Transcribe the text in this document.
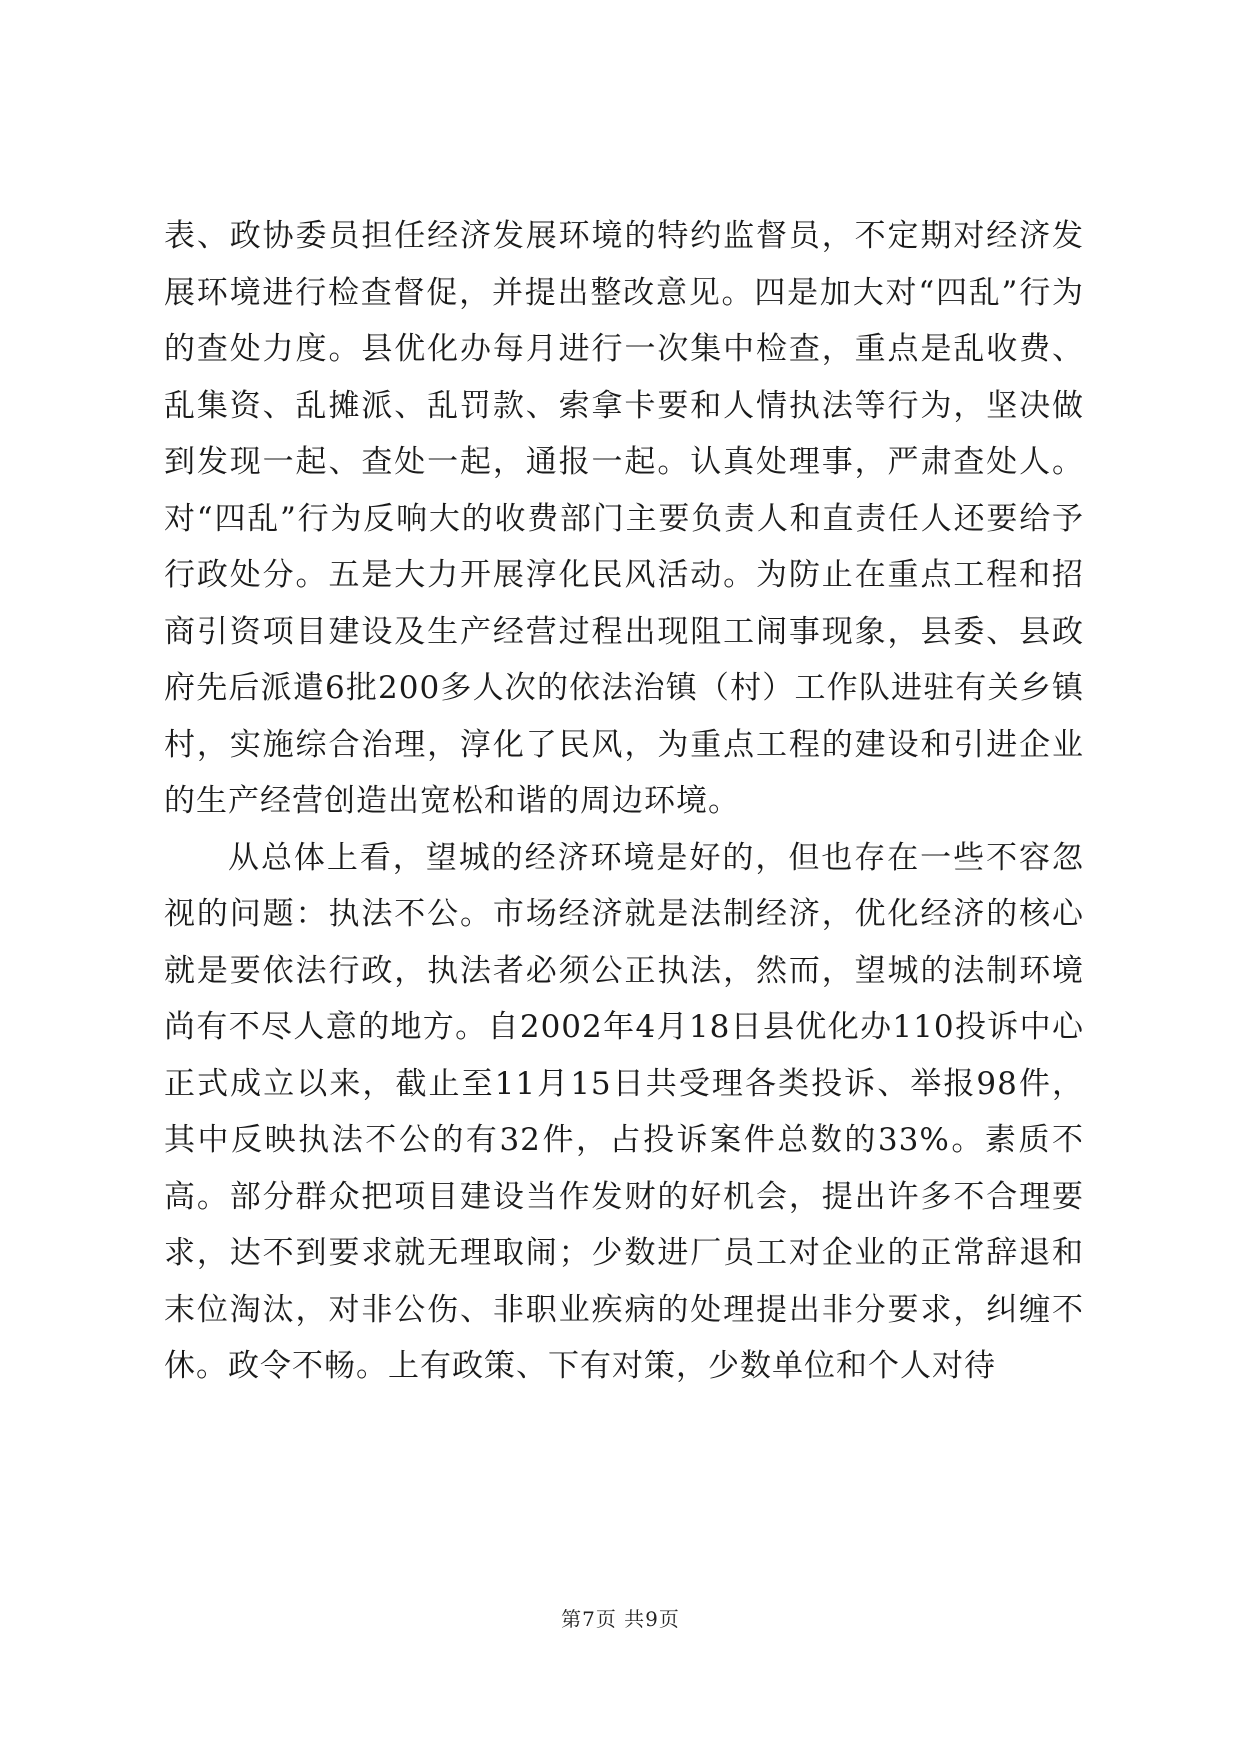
表、政协委员担任经济发展环境的特约监督员，不定期对经济发展环境进行检查督促，并提出整改意见。四是加大对“四乱”行为的查处力度。县优化办每月进行一次集中检查，重点是乱收费、乱集资、乱摊派、乱罚款、索拿卡要和人情执法等行为，坚决做到发现一起、查处一起，通报一起。认真处理事，严肃查处人。对“四乱”行为反响大的收费部门主要负责人和直责任人还要给予行政处分。五是大力开展淳化民风活动。为防止在重点工程和招商引资项目建设及生产经营过程出现阻工闹事现象，县委、县政府先后派遣6批200多人次的依法治镇（村）工作队进驻有关乡镇村，实施综合治理，淳化了民风，为重点工程的建设和引进企业的生产经营创造出宽松和谐的周边环境。

从总体上看，望城的经济环境是好的，但也存在一些不容忽视的问题：执法不公。市场经济就是法制经济，优化经济的核心就是要依法行政，执法者必须公正执法，然而，望城的法制环境尚有不尽人意的地方。自2002年4月18日县优化办110投诉中心正式成立以来，截止至11月15日共受理各类投诉、举报98件，其中反映执法不公的有32件，占投诉案件总数的33%。素质不高。部分群众把项目建设当作发财的好机会，提出许多不合理要求，达不到要求就无理取闹；少数进厂员工对企业的正常辞退和末位淘汰，对非公伤、非职业疾病的处理提出非分要求，纠缠不休。政令不畅。上有政策、下有对策，少数单位和个人对待

第7页 共9页
